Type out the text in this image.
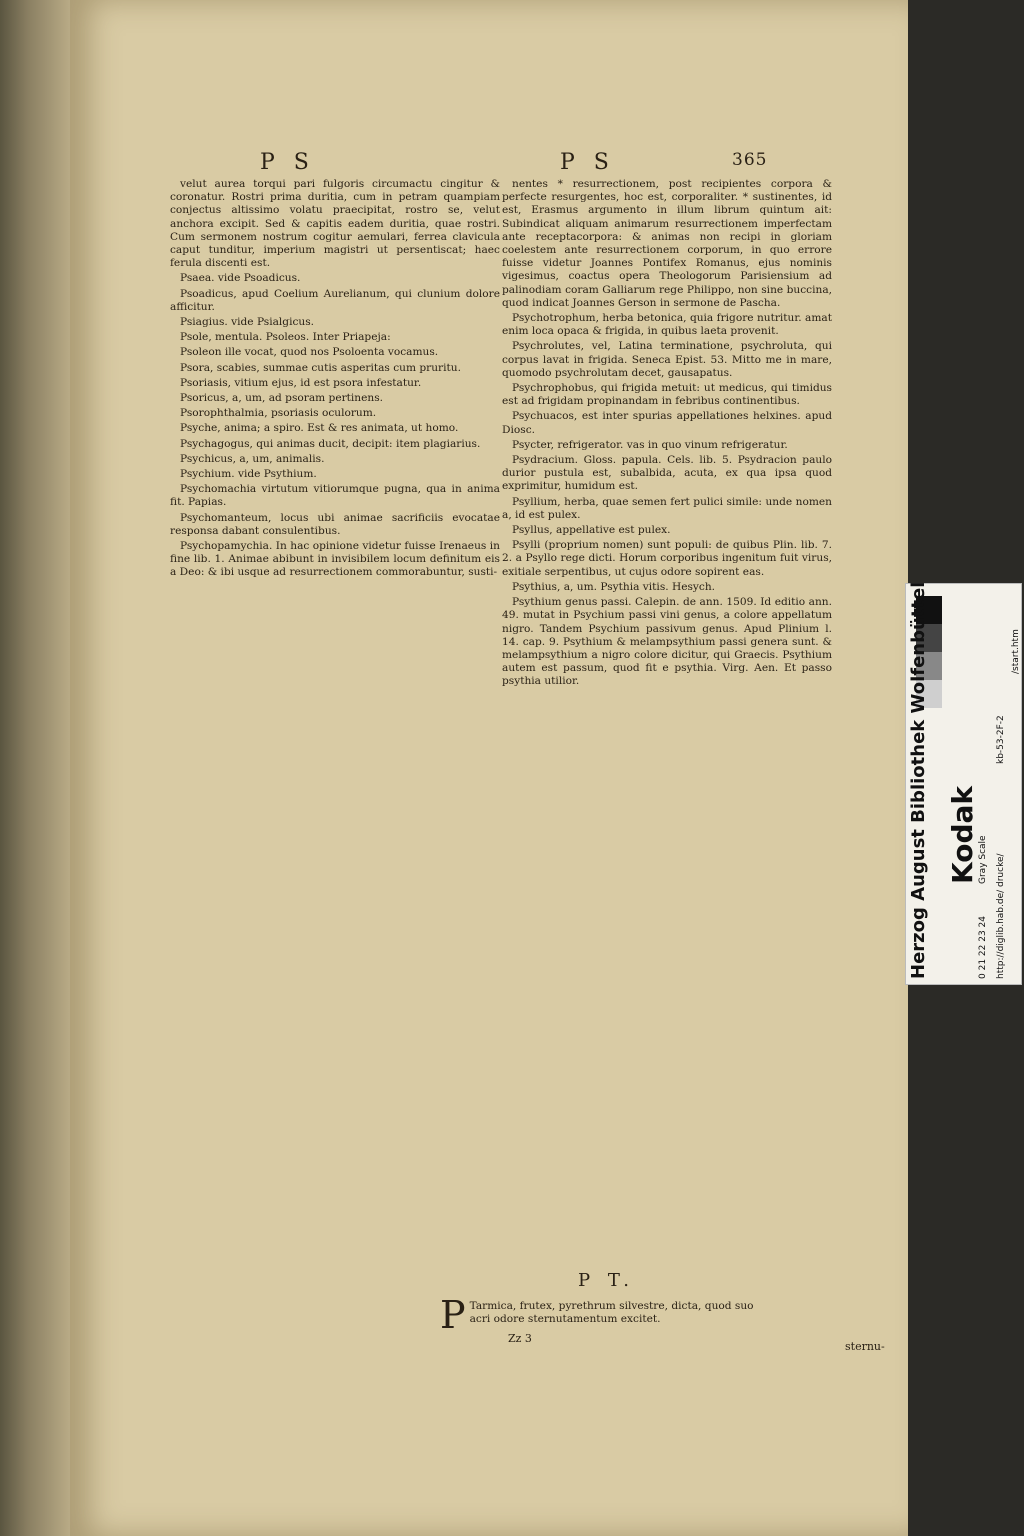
P S	P S	365

velut aurea torqui pari fulgoris circumactu cingitur & coronatur. Rostri prima duritia, cum in petram quampiam conjectus altissimo volatu praecipitat, rostro se, velut anchora excipit. Sed & capitis eadem duritia, quae rostri. Cum sermonem nostrum cogitur aemulari, ferrea clavicula caput tunditur, imperium magistri ut persentiscat; haec ferula discenti est.

Psaea. vide Psoadicus.

Psoadicus, apud Coelium Aurelianum, qui clunium dolore afficitur.

Psiagius. vide Psialgicus.

Psole, mentula. Psoleos. Inter Priapeja:

Psoleon ille vocat, quod nos Psoloenta vocamus.

Psora, scabies, summae cutis asperitas cum pruritu.

Psoriasis, vitium ejus, id est psora infestatur.

Psoricus, a, um, ad psoram pertinens.

Psorophthalmia, psoriasis oculorum.

Psyche, anima; a spiro. Est & res animata, ut homo.

Psychagogus, qui animas ducit, decipit: item plagiarius.

Psychicus, a, um, animalis.

Psychium. vide Psythium.

Psychomachia virtutum vitiorumque pugna, qua in anima fit. Papias.

Psychomanteum, locus ubi animae sacrificiis evocatae responsa dabant consulentibus.

Psychopamychia. In hac opinione videtur fuisse Irenaeus in fine lib. 1. Animae abibunt in invisibilem locum definitum eis a Deo: & ibi usque ad resurrectionem commorabuntur, susti-

nentes * resurrectionem, post recipientes corpora & perfecte resurgentes, hoc est, corporaliter. * sustinentes, id est, Erasmus argumento in illum librum quintum ait: Subindicat aliquam animarum resurrectionem imperfectam ante receptacorpora: & animas non recipi in gloriam coelestem ante resurrectionem corporum, in quo errore fuisse videtur Joannes Pontifex Romanus, ejus nominis vigesimus, coactus opera Theologorum Parisiensium ad palinodiam coram Galliarum rege Philippo, non sine buccina, quod indicat Joannes Gerson in sermone de Pascha.

Psychotrophum, herba betonica, quia frigore nutritur. amat enim loca opaca & frigida, in quibus laeta provenit.

Psychrolutes, vel, Latina terminatione, psychroluta, qui corpus lavat in frigida. Seneca Epist. 53. Mitto me in mare, quomodo psychrolutam decet, gausapatus.

Psychrophobus, qui frigida metuit: ut medicus, qui timidus est ad frigidam propinandam in febribus continentibus.

Psychuacos, est inter spurias appellationes helxines. apud Diosc.

Psycter, refrigerator. vas in quo vinum refrigeratur.

Psydracium. Gloss. papula. Cels. lib. 5. Psydracion paulo durior pustula est, subalbida, acuta, ex qua ipsa quod exprimitur, humidum est.

Psyllium, herba, quae semen fert pulici simile: unde nomen a, id est pulex.

Psyllus, appellative est pulex.

Psylli (proprium nomen) sunt populi: de quibus Plin. lib. 7. 2. a Psyllo rege dicti. Horum corporibus ingenitum fuit virus, exitiale serpentibus, ut cujus odore sopirent eas.

Psythius, a, um. Psythia vitis. Hesych.

Psythium genus passi. Calepin. de ann. 1509. Id editio ann. 49. mutat in Psychium passi vini genus, a colore appellatum nigro. Tandem Psychium passivum genus. Apud Plinium l. 14. cap. 9. Psythium & melampsythium passi genera sunt. & melampsythium a nigro colore dicitur, qui Graecis. Psythium autem est passum, quod fit e psythia. Virg. Aen. Et passo psythia utilior.

P T.
P Tarmica, frutex, pyrethrum silvestre, dicta, quod suo acri odore sternutamentum excitet.
Zz 3
sternu-
Herzog August Bibliothek Wolfenbüttel Kodak Gray Scale
0 21 22 23 24 http://diglib.hab.de/ drucke/
kb-53-2F-2
/start.htm
